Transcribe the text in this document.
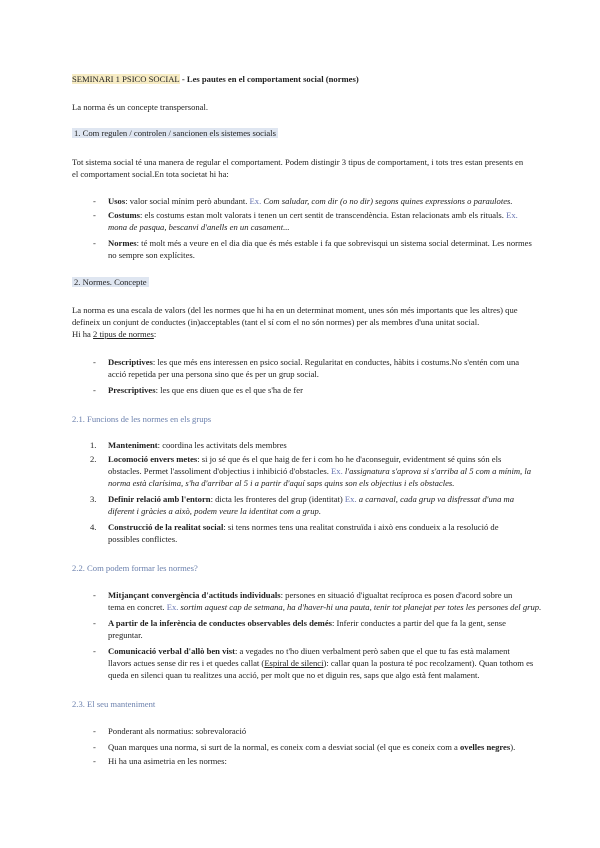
SEMINARI 1 PSICO SOCIAL - Les pautes en el comportament social (normes)
La norma és un concepte transpersonal.
1. Com regulen / controlen / sancionen els sistemes socials
Tot sistema social té una manera de regular el comportament. Podem distingir 3 tipus de comportament, i tots tres estan presents en
el comportament social.En tota societat hi ha:
- Usos: valor social mínim però abundant. Ex. Com saludar, com dir (o no dir) segons quines expressions o paraulotes.
- Costums: els costums estan molt valorats i tenen un cert sentit de transcendència. Estan relacionats amb els rituals. Ex.
mona de pasqua, bescanvi d'anells en un casament...
- Normes: té molt més a veure en el dia dia que és més estable i fa que sobrevisqui un sistema social determinat. Les normes
no sempre son explícites.
2. Normes. Concepte
La norma es una escala de valors (del les normes que hi ha en un determinat moment, unes són més importants que les altres) que
defineix un conjunt de conductes (in)acceptables (tant el sí com el no són normes) per als membres d'una unitat social.
Hi ha 2 tipus de normes:
- Descriptives: les que més ens interessen en psico social. Regularitat en conductes, hàbits i costums.No s'entén com una
acció repetida per una persona sino que és per un grup social.
- Prescriptives: les que ens diuen que es el que s'ha de fer
2.1. Funcions de les normes en els grups
1. Manteniment: coordina les activitats dels membres
2. Locomoció envers metes: si jo sé que és el que haig de fer i com ho he d'aconseguir, evidentment sé quins són els
obstacles. Permet l'assoliment d'objectius i inhibició d'obstacles. Ex. l'assignatura s'aprova si s'arriba al 5 com a mínim, la
norma està clarísima, s'ha d'arribar al 5 i a partir d'aquí saps quins son els objectius i els obstacles.
3. Definir relació amb l'entorn: dicta les fronteres del grup (identitat) Ex. a carnaval, cada grup va disfressat d'una ma
diferent i gràcies a això, podem veure la identitat com a grup.
4. Construcció de la realitat social: si tens normes tens una realitat construïda i això ens condueix a la resolució de
possibles conflictes.
2.2. Com podem formar les normes?
- Mitjançant convergència d'actituds individuals: persones en situació d'igualtat recíproca es posen d'acord sobre un
tema en concret. Ex. sortim aquest cap de setmana, ha d'haver-hi una pauta, tenir tot planejat per totes les persones del grup.
- A partir de la inferència de conductes observables dels demés: Inferir conductes a partir del que fa la gent, sense
preguntar.
- Comunicació verbal d'allò ben vist: a vegades no t'ho diuen verbalment però saben que el que tu fas està malament
llavors actues sense dir res i et quedes callat (Espiral de silenci): callar quan la postura té poc recolzament). Quan tothom es
queda en silenci quan tu realitzes una acció, per molt que no et diguin res, saps que algo està fent malament.
2.3. El seu manteniment
- Ponderant als normatius: sobrevaloració
- Quan marques una norma, si surt de la normal, es coneix com a desviat social (el que es coneix com a ovelles negres).
- Hi ha una asimetria en les normes:
